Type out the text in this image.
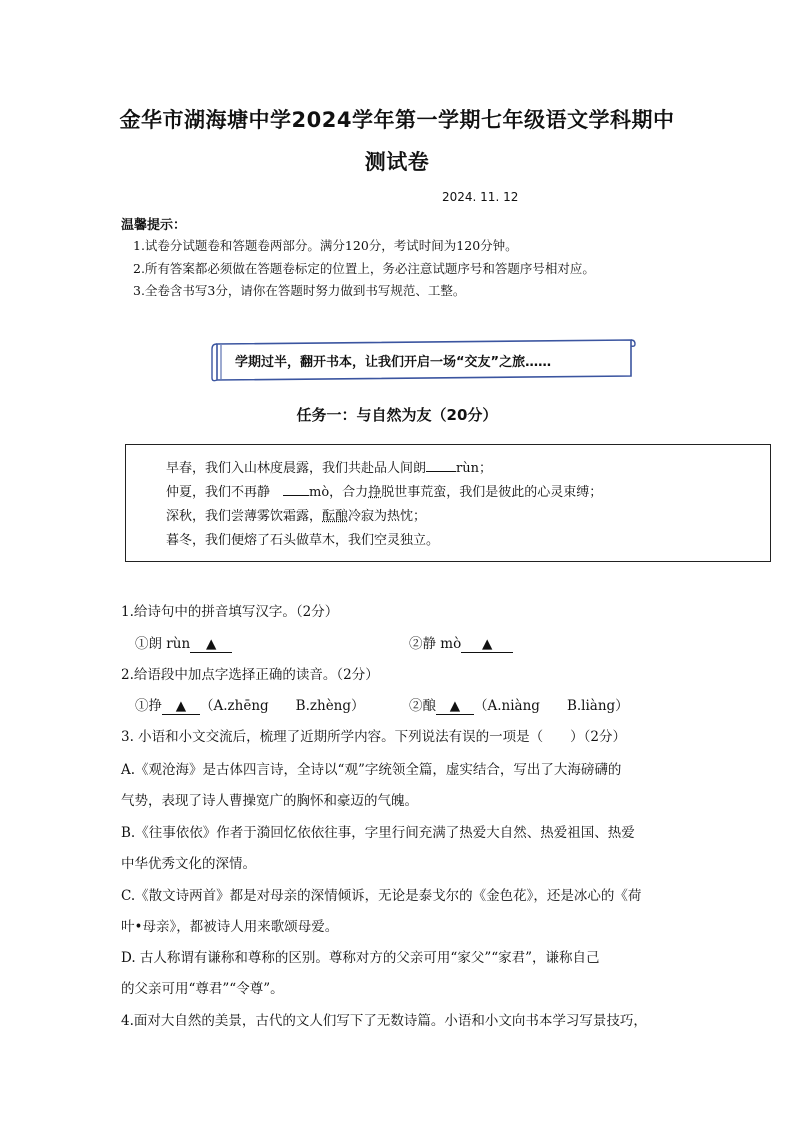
金华市湖海塘中学2024学年第一学期七年级语文学科期中
测试卷
2024. 11. 12
温馨提示：
1.试卷分试题卷和答题卷两部分。满分120分，考试时间为120分钟。
2.所有答案都必须做在答题卷标定的位置上，务必注意试题序号和答题序号相对应。
3.全卷含书写3分，请你在答题时努力做到书写规范、工整。
学期过半，翻开书本，让我们开启一场“交友”之旅……
任务一：与自然为友（20分）
早春，我们入山林度晨露，我们共赴品人间朗 rùn；
仲夏，我们不再静　	mò，合力挣脱世事荒蛮，我们是彼此的心灵束缚；
深秋，我们尝薄雾饮霜露，酝酿冷寂为热忱；
暮冬，我们便熔了石头做草木，我们空灵独立。
1.给诗句中的拼音填写汉字。（2分）
①朗 rùn ▲	②静 mò ▲
2.给语段中加点字选择正确的读音。（2分）
①挣 ▲ （A.zhēng　　B.zhèng）	②酿 ▲ （A.niàng　　B.liàng）
3. 小语和小文交流后，梳理了近期所学内容。下列说法有误的一项是（　　）（2分）
A.《观沧海》是古体四言诗，全诗以“观”字统领全篇，虚实结合，写出了大海磅礴的
气势，表现了诗人曹操宽广的胸怀和豪迈的气魄。
B.《往事依依》作者于漪回忆依依往事，字里行间充满了热爱大自然、热爱祖国、热爱
中华优秀文化的深情。
C.《散文诗两首》都是对母亲的深情倾诉，无论是泰戈尔的《金色花》，还是冰心的《荷
叶•母亲》，都被诗人用来歌颂母爱。
D. 古人称谓有谦称和尊称的区别。尊称对方的父亲可用“家父”“家君”，谦称自己
的父亲可用“尊君”“令尊”。
4.面对大自然的美景，古代的文人们写下了无数诗篇。小语和小文向书本学习写景技巧，
